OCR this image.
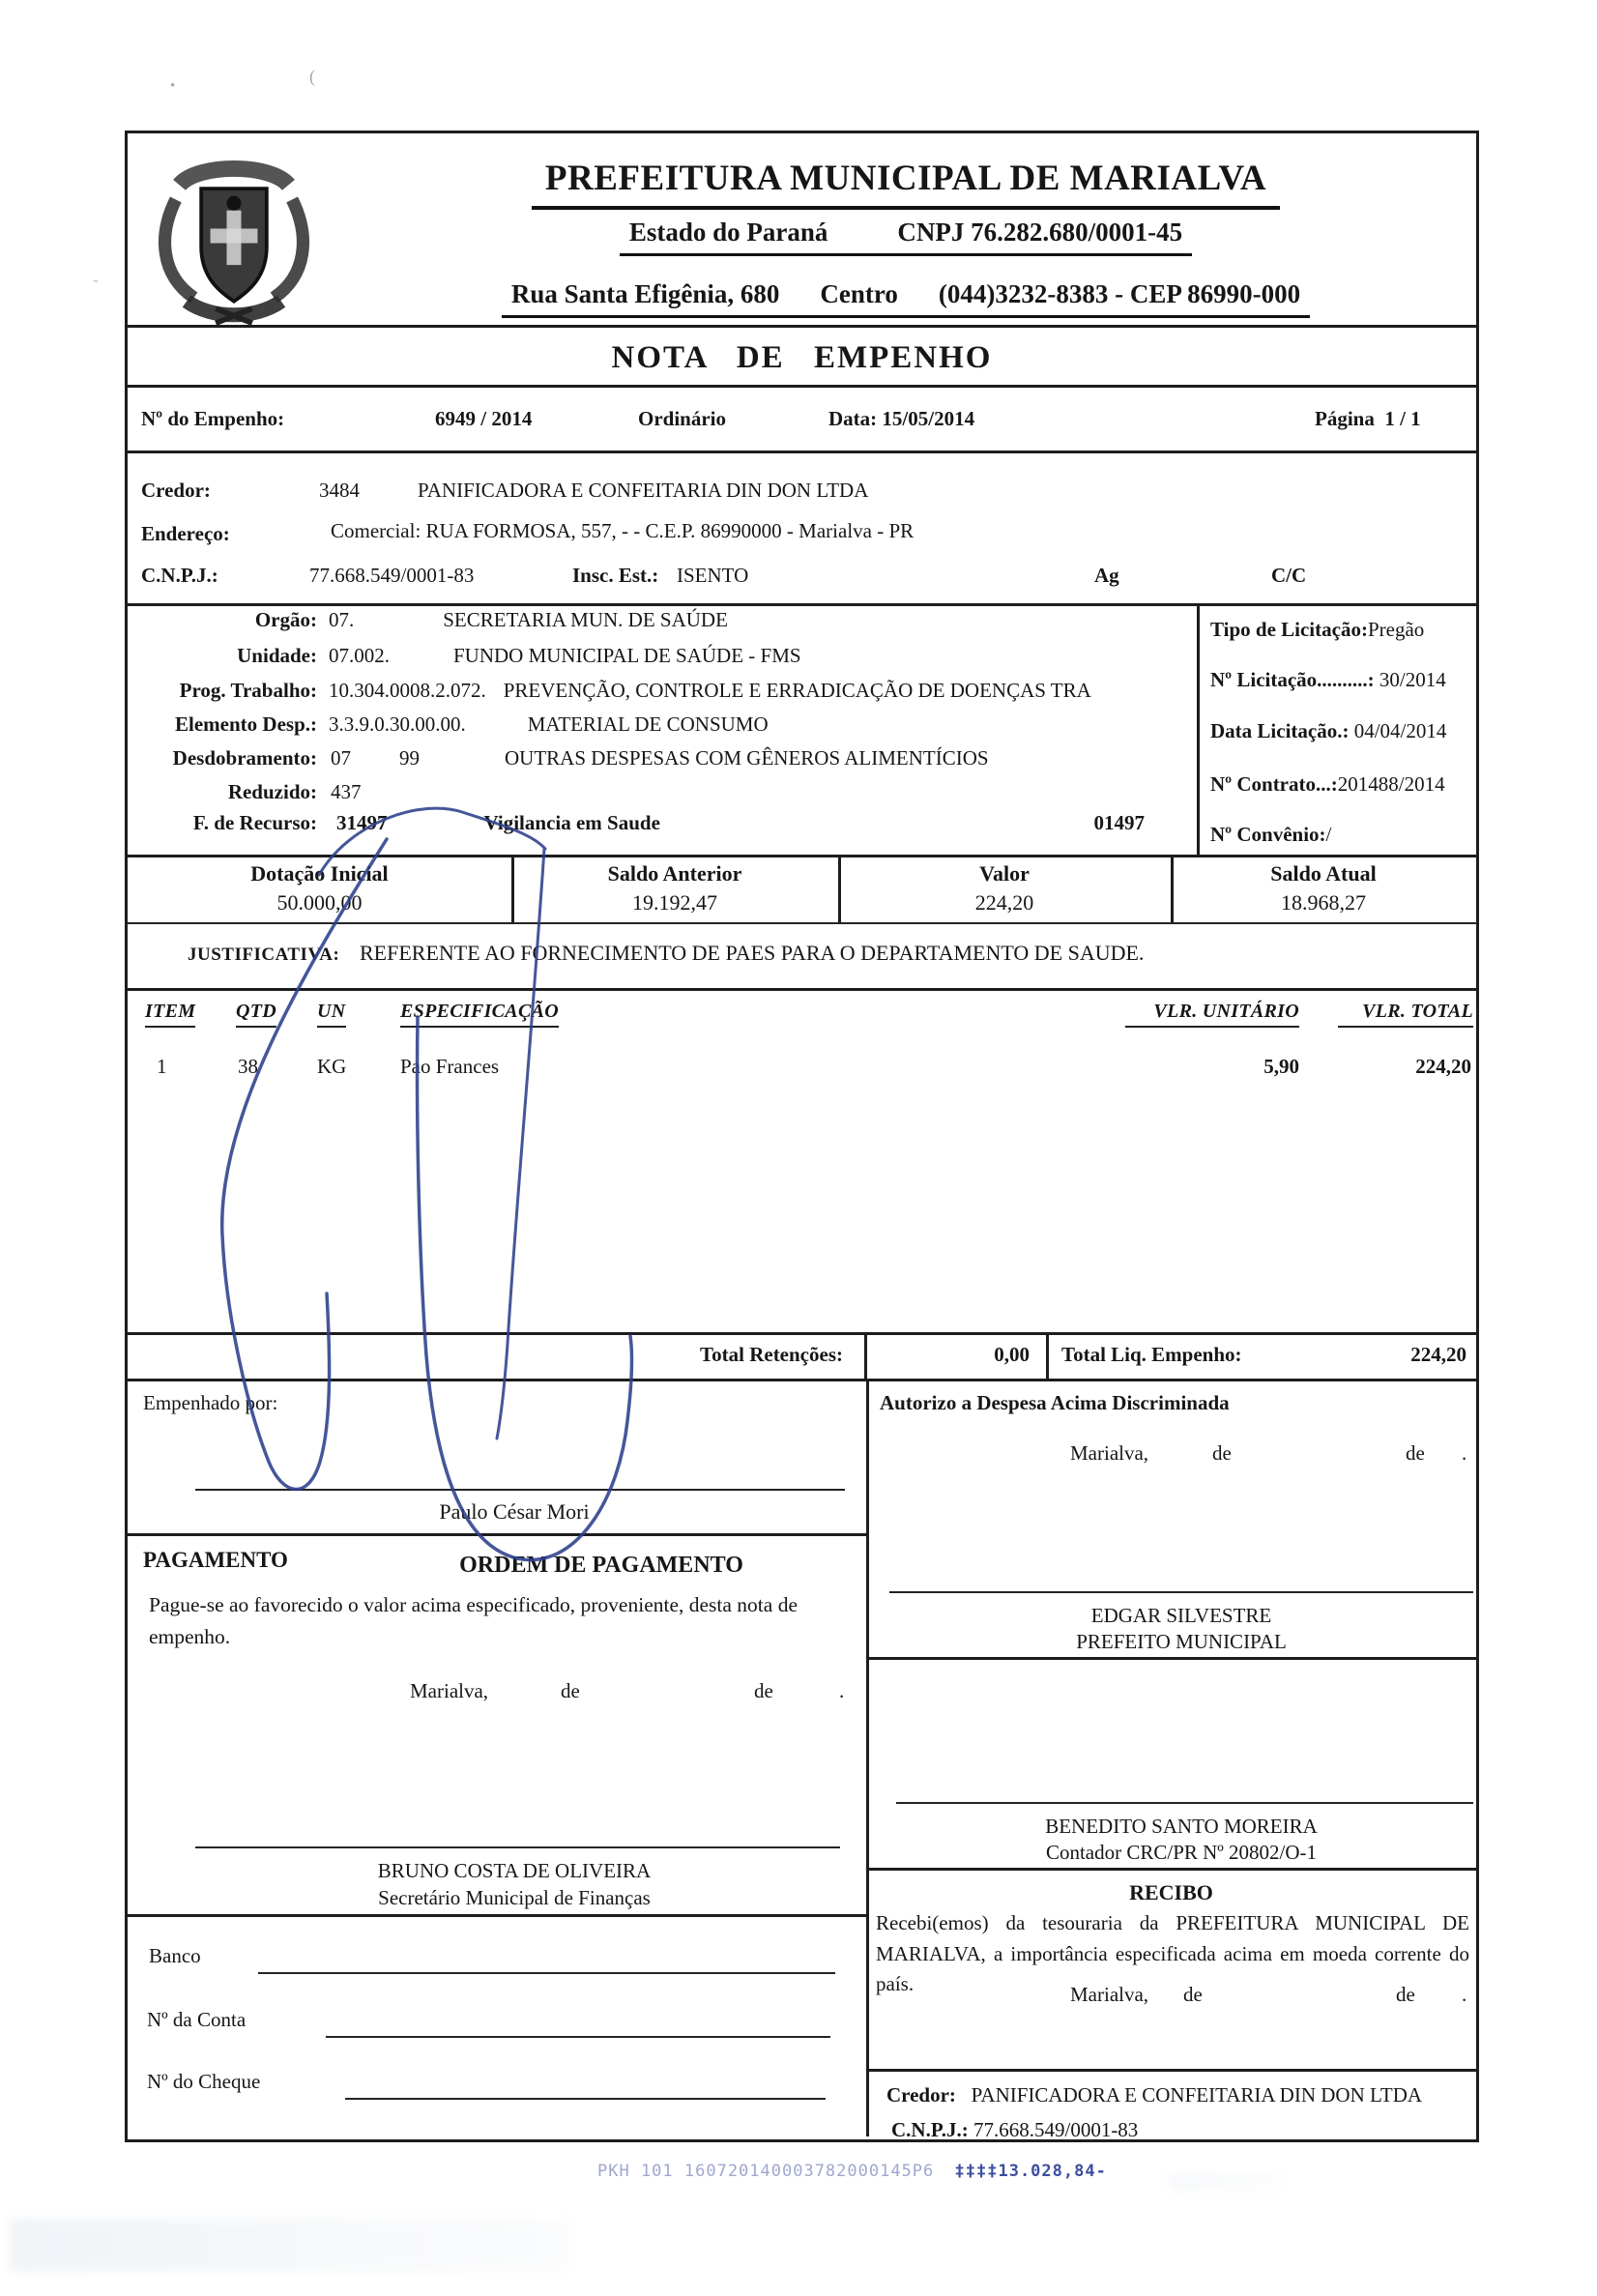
•	(
-
PREFEITURA MUNICIPAL DE MARIALVA
Estado do Paraná	CNPJ 76.282.680/0001-45
Rua Santa Efigênia, 680 Centro (044)3232-8383 - CEP 86990-000
NOTA DE EMPENHO
Nº do Empenho:	6949 / 2014	Ordinário	Data: 15/05/2014	Página 1 / 1
Credor:	3484	PANIFICADORA E CONFEITARIA DIN DON LTDA
Endereço:	Comercial: RUA FORMOSA, 557, - - C.E.P. 86990000 - Marialva - PR
C.N.P.J.:	77.668.549/0001-83	Insc. Est.: ISENTO	Ag	C/C
Orgão: 07.	SECRETARIA MUN. DE SAÚDE
Unidade: 07.002.	FUNDO MUNICIPAL DE SAÚDE - FMS
Prog. Trabalho: 10.304.0008.2.072. PREVENÇÃO, CONTROLE E ERRADICAÇÃO DE DOENÇAS TRA
Elemento Desp.: 3.3.9.0.30.00.00.	MATERIAL DE CONSUMO
Desdobramento: 07 99	OUTRAS DESPESAS COM GÊNEROS ALIMENTÍCIOS
Reduzido: 437
F. de Recurso: 31497	Vigilancia em Saude	01497
Tipo de Licitação:Pregão
Nº Licitação..........: 30/2014
Data Licitação.: 04/04/2014
Nº Contrato...:201488/2014
Nº Convênio:/
Dotação Inicial
50.000,00
Saldo Anterior
19.192,47
Valor
224,20
Saldo Atual
18.968,27
JUSTIFICATIVA: REFERENTE AO FORNECIMENTO DE PAES PARA O DEPARTAMENTO DE SAUDE.
ITEM QTD UN	ESPECIFICAÇÃO	VLR. UNITÁRIO	VLR. TOTAL
1	38	KG	Pao Frances	5,90	224,20
Total Retenções:	0,00 Total Liq. Empenho:	224,20
Empenhado por:
Paulo César Mori
PAGAMENTO	ORDEM DE PAGAMENTO
Pague-se ao favorecido o valor acima especificado, proveniente, desta nota de empenho.
Marialva,	de	de	.
BRUNO COSTA DE OLIVEIRA
Secretário Municipal de Finanças
Banco
Nº da Conta
Nº do Cheque
Autorizo a Despesa Acima Discriminada
Marialva,	de	de .
EDGAR SILVESTRE
PREFEITO MUNICIPAL
BENEDITO SANTO MOREIRA
Contador CRC/PR Nº 20802/O-1
RECIBO
Recebi(emos) da tesouraria da PREFEITURA MUNICIPAL DE MARIALVA, a importância especificada acima em moeda corrente do país.	Marialva, de	de .
Credor: PANIFICADORA E CONFEITARIA DIN DON LTDA
C.N.P.J.: 77.668.549/0001-83
PKH 101 160720140003782000145P6 ‡‡‡‡13.028,84-
